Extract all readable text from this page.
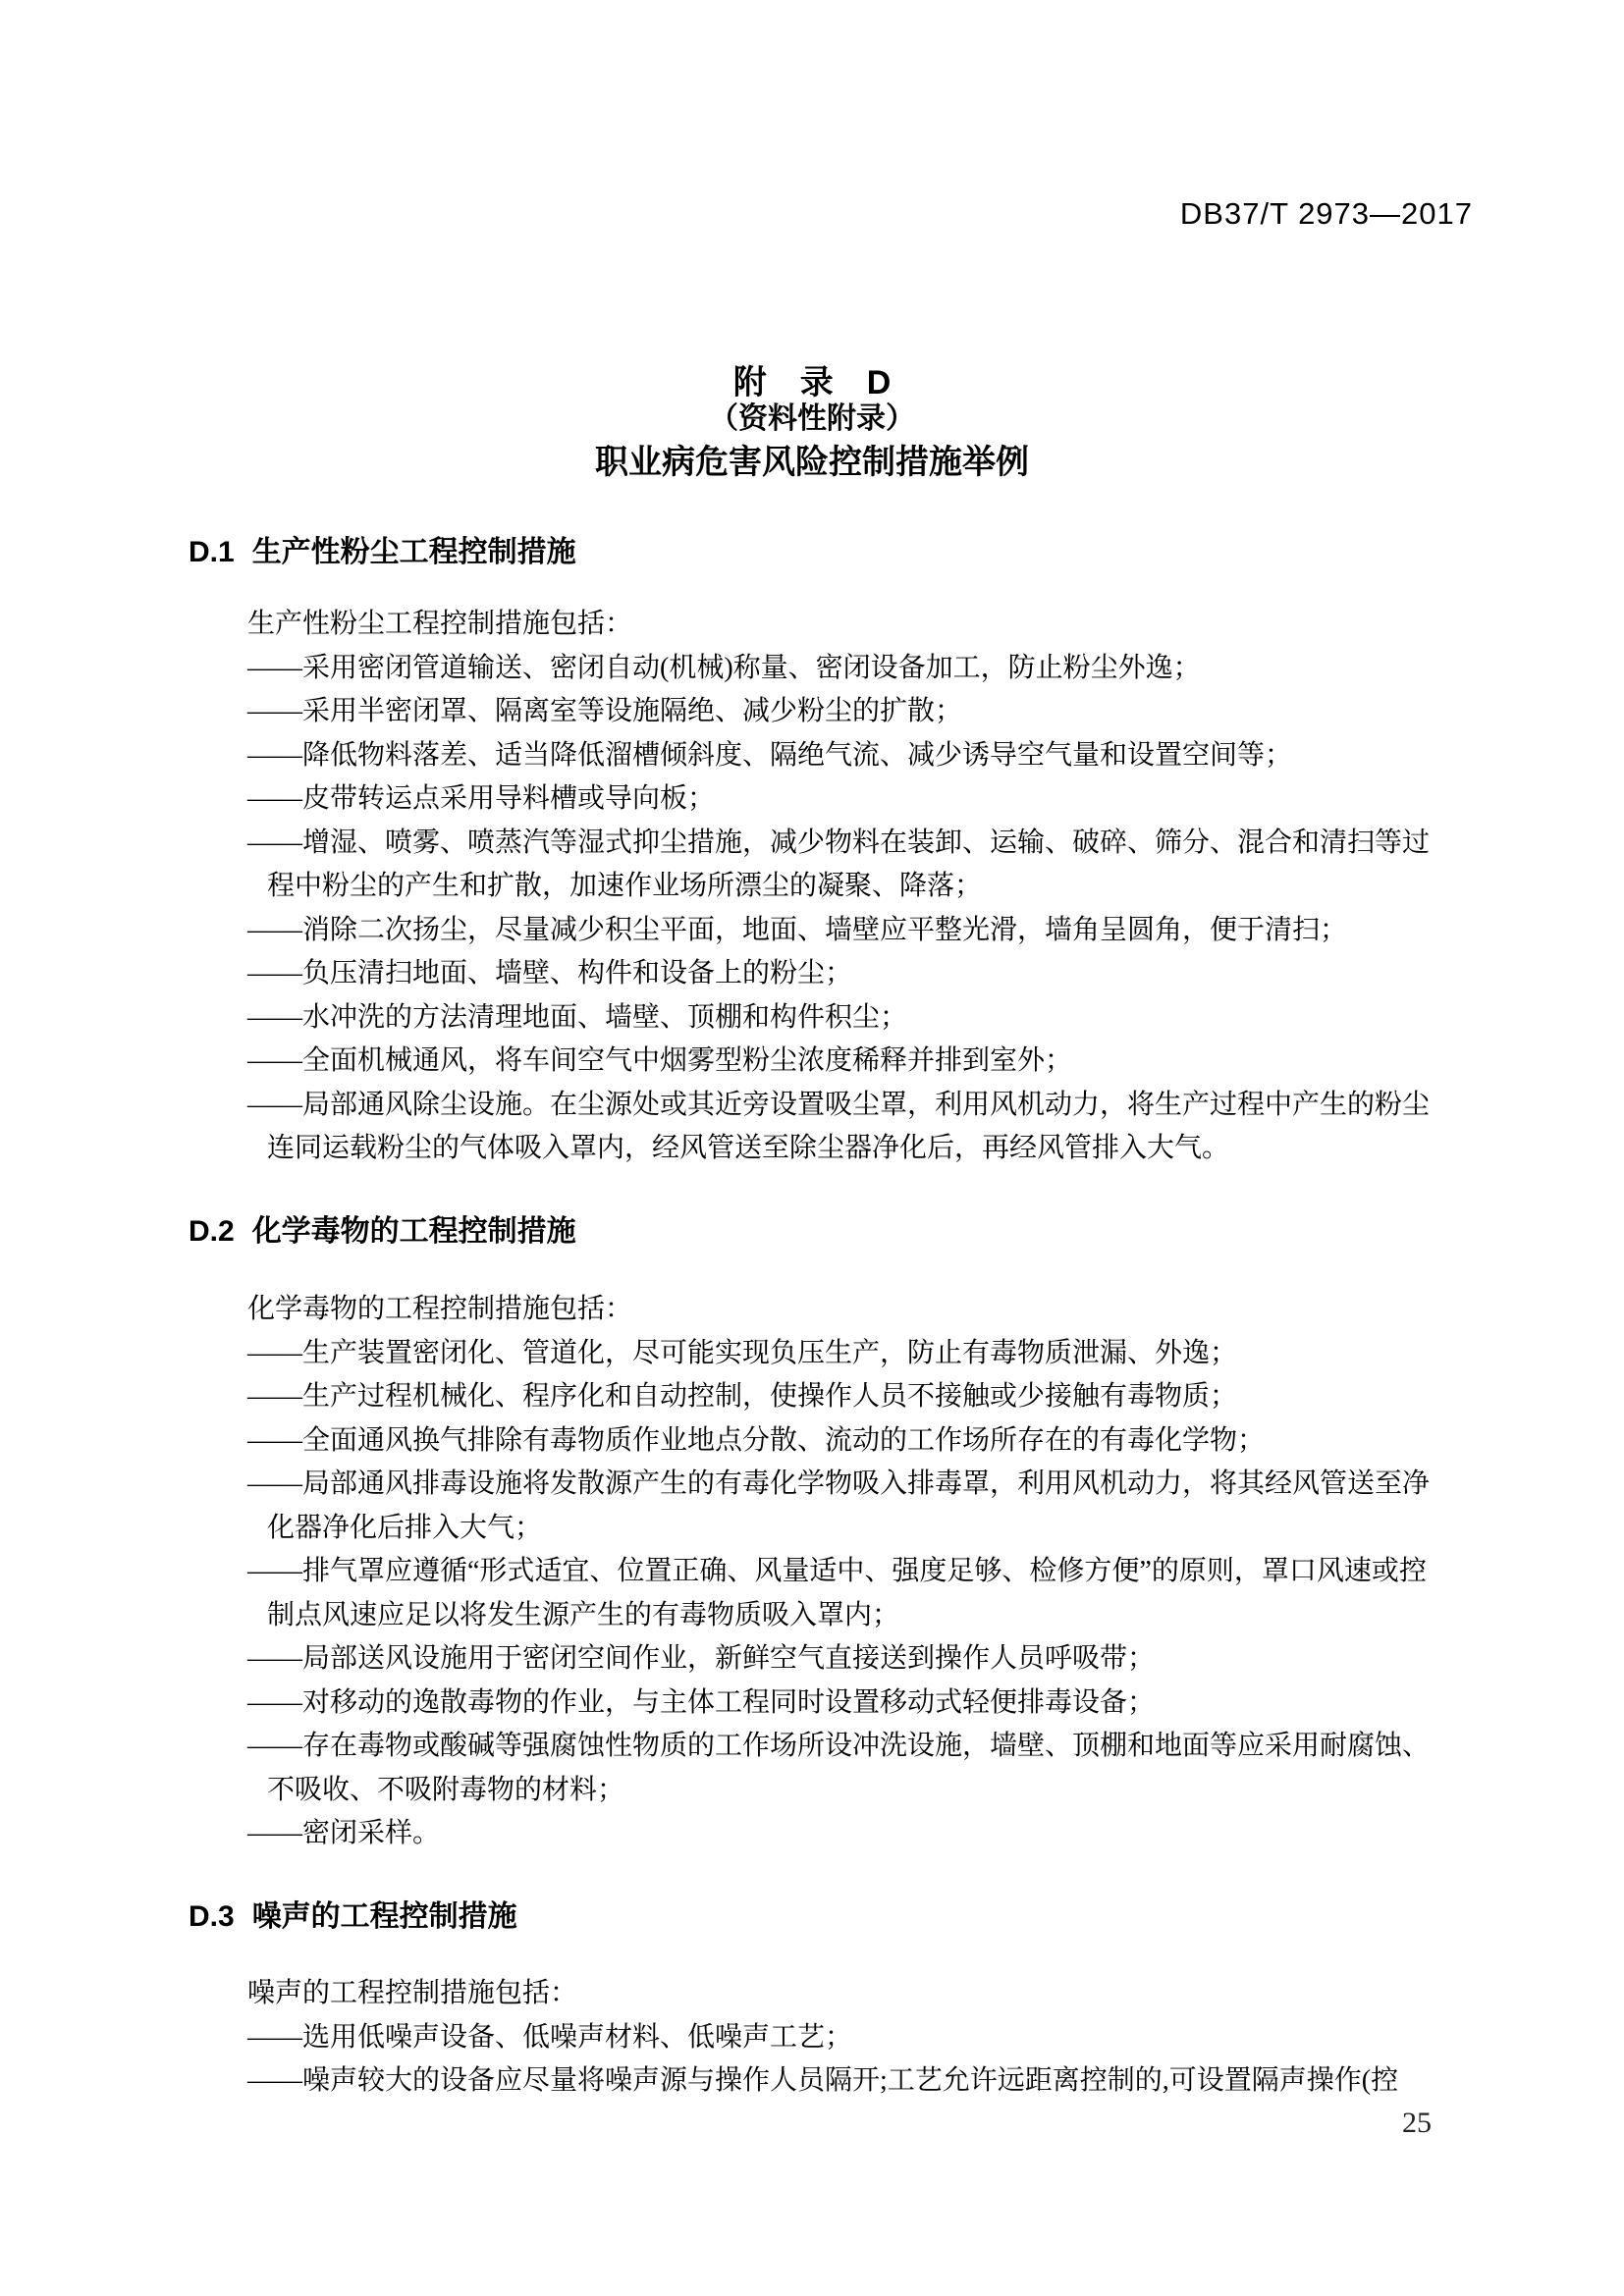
DB37/T 2973—2017
附　录　D
（资料性附录）
职业病危害风险控制措施举例
D.1 生产性粉尘工程控制措施
生产性粉尘工程控制措施包括：
——采用密闭管道输送、密闭自动(机械)称量、密闭设备加工，防止粉尘外逸；
——采用半密闭罩、隔离室等设施隔绝、减少粉尘的扩散；
——降低物料落差、适当降低溜槽倾斜度、隔绝气流、减少诱导空气量和设置空间等；
——皮带转运点采用导料槽或导向板；
——增湿、喷雾、喷蒸汽等湿式抑尘措施，减少物料在装卸、运输、破碎、筛分、混合和清扫等过
程中粉尘的产生和扩散，加速作业场所漂尘的凝聚、降落；
——消除二次扬尘，尽量减少积尘平面，地面、墙壁应平整光滑，墙角呈圆角，便于清扫；
——负压清扫地面、墙壁、构件和设备上的粉尘；
——水冲洗的方法清理地面、墙壁、顶棚和构件积尘；
——全面机械通风，将车间空气中烟雾型粉尘浓度稀释并排到室外；
——局部通风除尘设施。在尘源处或其近旁设置吸尘罩，利用风机动力，将生产过程中产生的粉尘
连同运载粉尘的气体吸入罩内，经风管送至除尘器净化后，再经风管排入大气。
D.2 化学毒物的工程控制措施
化学毒物的工程控制措施包括：
——生产装置密闭化、管道化，尽可能实现负压生产，防止有毒物质泄漏、外逸；
——生产过程机械化、程序化和自动控制，使操作人员不接触或少接触有毒物质；
——全面通风换气排除有毒物质作业地点分散、流动的工作场所存在的有毒化学物；
——局部通风排毒设施将发散源产生的有毒化学物吸入排毒罩，利用风机动力，将其经风管送至净
化器净化后排入大气；
——排气罩应遵循“形式适宜、位置正确、风量适中、强度足够、检修方便”的原则，罩口风速或控
制点风速应足以将发生源产生的有毒物质吸入罩内；
——局部送风设施用于密闭空间作业，新鲜空气直接送到操作人员呼吸带；
——对移动的逸散毒物的作业，与主体工程同时设置移动式轻便排毒设备；
——存在毒物或酸碱等强腐蚀性物质的工作场所设冲洗设施，墙壁、顶棚和地面等应采用耐腐蚀、
不吸收、不吸附毒物的材料；
——密闭采样。
D.3 噪声的工程控制措施
噪声的工程控制措施包括：
——选用低噪声设备、低噪声材料、低噪声工艺；
——噪声较大的设备应尽量将噪声源与操作人员隔开;工艺允许远距离控制的,可设置隔声操作(控
25
